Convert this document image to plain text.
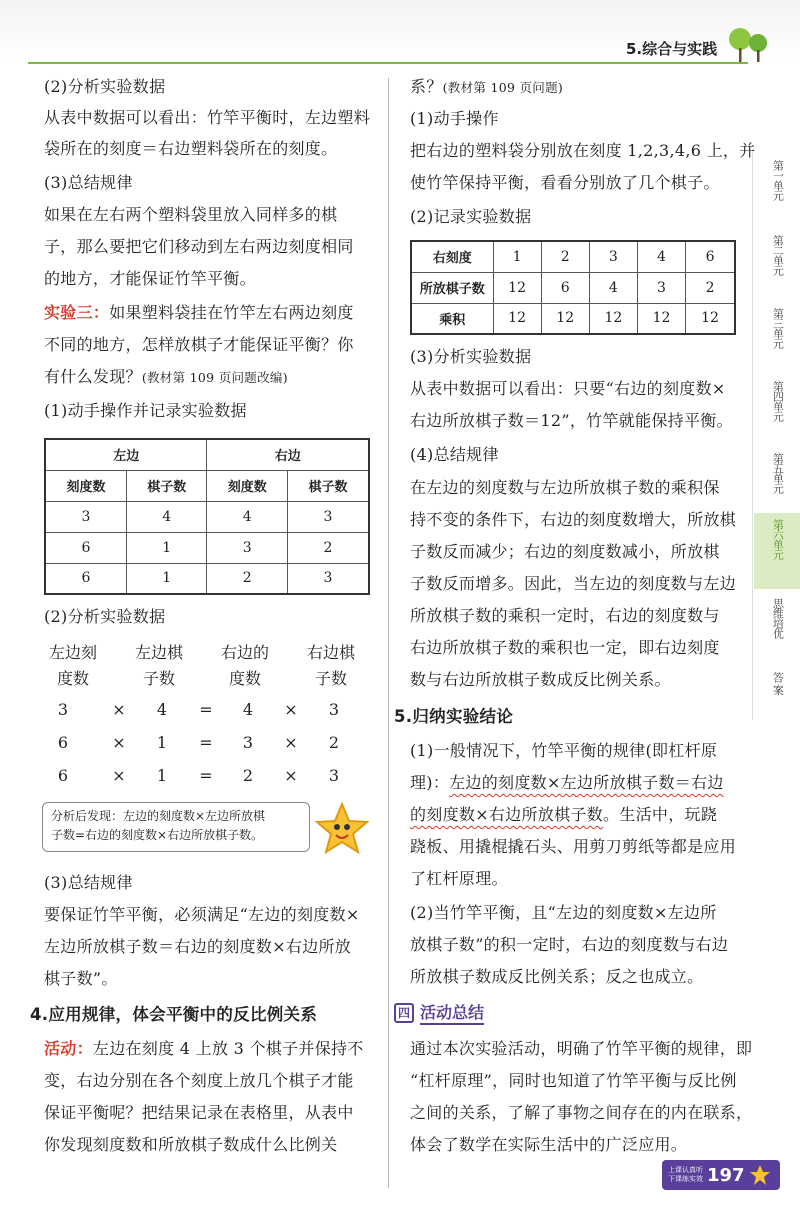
5.综合与实践
第一单元
第二单元
第三单元
第四单元
第五单元
第六单元
思维培优
答 案
(2)分析实验数据
从表中数据可以看出：竹竿平衡时，左边塑料
袋所在的刻度＝右边塑料袋所在的刻度。
(3)总结规律
如果在左右两个塑料袋里放入同样多的棋
子，那么要把它们移动到左右两边刻度相同
的地方，才能保证竹竿平衡。
实验三：如果塑料袋挂在竹竿左右两边刻度
不同的地方，怎样放棋子才能保证平衡？你
有什么发现？(教材第 109 页问题改编)
(1)动手操作并记录实验数据
左边		右边	
刻度数	棋子数	刻度数	棋子数
3	4	4	3
6	1	3	2
6	1	2	3
(2)分析实验数据
左边刻	左边棋	右边的	右边棋
度数	子数	度数	子数
3	×	4	=	4	×	3
6	×	1	=	3	×	2
6	×	1	=	2	×	3
分析后发现：左边的刻度数×左边所放棋
子数=右边的刻度数×右边所放棋子数。
(3)总结规律
要保证竹竿平衡，必须满足“左边的刻度数×
左边所放棋子数＝右边的刻度数×右边所放
棋子数”。
4.应用规律，体会平衡中的反比例关系
活动：左边在刻度 4 上放 3 个棋子并保持不
变，右边分别在各个刻度上放几个棋子才能
保证平衡呢？把结果记录在表格里，从表中
你发现刻度数和所放棋子数成什么比例关
系？(教材第 109 页问题)
(1)动手操作
把右边的塑料袋分别放在刻度 1,2,3,4,6 上，并
使竹竿保持平衡，看看分别放了几个棋子。
(2)记录实验数据
右刻度	1	2	3	4	6
所放棋子数	12	6	4	3	2
乘积	12	12	12	12	12
(3)分析实验数据
从表中数据可以看出：只要“右边的刻度数×
右边所放棋子数＝12”，竹竿就能保持平衡。
(4)总结规律
在左边的刻度数与左边所放棋子数的乘积保
持不变的条件下，右边的刻度数增大，所放棋
子数反而减少；右边的刻度数减小，所放棋
子数反而增多。因此，当左边的刻度数与左边
所放棋子数的乘积一定时，右边的刻度数与
右边所放棋子数的乘积也一定，即右边刻度
数与右边所放棋子数成反比例关系。
5.归纳实验结论
(1)一般情况下，竹竿平衡的规律(即杠杆原
理)：左边的刻度数×左边所放棋子数＝右边
的刻度数×右边所放棋子数。生活中，玩跷
跷板、用撬棍撬石头、用剪刀剪纸等都是应用
了杠杆原理。
(2)当竹竿平衡，且“左边的刻度数×左边所
放棋子数”的积一定时，右边的刻度数与右边
所放棋子数成反比例关系；反之也成立。
四 活动总结
通过本次实验活动，明确了竹竿平衡的规律，即
“杠杆原理”，同时也知道了竹竿平衡与反比例
之间的关系，了解了事物之间存在的内在联系，
体会了数学在实际生活中的广泛应用。
上课认真听
下课练实效 197
